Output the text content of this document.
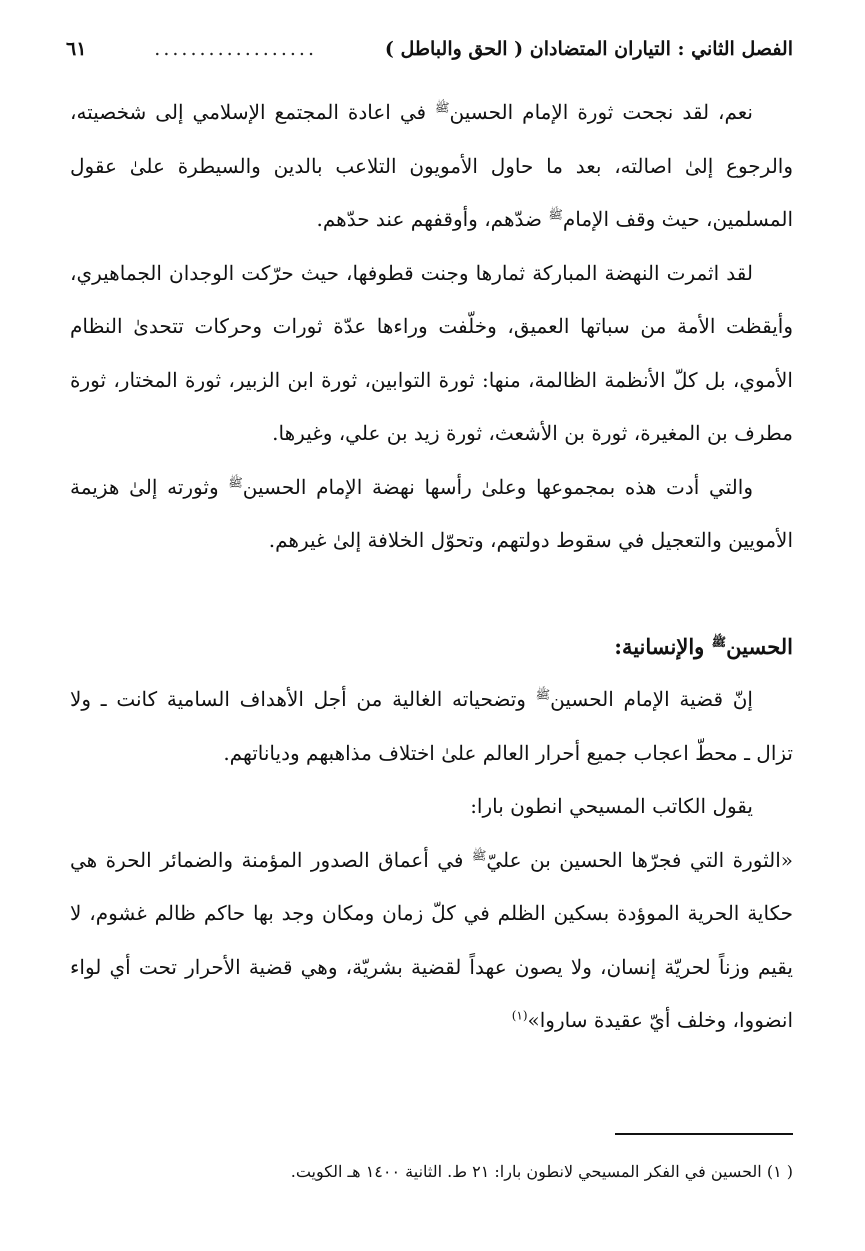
الفصل الثاني : التياران المتضادان ( الحق والباطل )
..................
٦١

نعم، لقد نجحت ثورة الإمام الحسين$^ﷺ$ في اعادة المجتمع الإسلامي إلى شخصيته، والرجوع إلىٰ اصالته، بعد ما حاول الأمويون التلاعب بالدين والسيطرة علىٰ عقول المسلمين، حيث وقف الإمام$^ﷺ$ ضدّهم، وأوقفهم عند حدّهم.

لقد اثمرت النهضة المباركة ثمارها وجنت قطوفها، حيث حرّكت الوجدان الجماهيري، وأيقظت الأمة من سباتها العميق، وخلّفت وراءها عدّة ثورات وحركات تتحدىٰ النظام الأموي، بل كلّ الأنظمة الظالمة، منها: ثورة التوابين، ثورة ابن الزبير، ثورة المختار، ثورة مطرف بن المغيرة، ثورة بن الأشعث، ثورة زيد بن علي، وغيرها.

والتي أدت هذه بمجموعها وعلىٰ رأسها نهضة الإمام الحسين$^ﷺ$ وثورته إلىٰ هزيمة الأمويين والتعجيل في سقوط دولتهم، وتحوّل الخلافة إلىٰ غيرهم.

الحسين$^ﷺ$ والإنسانية:

إنّ قضية الإمام الحسين$^ﷺ$ وتضحياته الغالية من أجل الأهداف السامية كانت ـ ولا تزال ـ محطّ اعجاب جميع أحرار العالم علىٰ اختلاف مذاهبهم ودياناتهم.

يقول الكاتب المسيحي انطون بارا:

«الثورة التي فجرّها الحسين بن عليّ$^ﷺ$ في أعماق الصدور المؤمنة والضمائر الحرة هي حكاية الحرية الموؤدة بسكين الظلم في كلّ زمان ومكان وجد بها حاكم ظالم غشوم، لا يقيم وزناً لحريّة إنسان، ولا يصون عهداً لقضية بشريّة، وهي قضية الأحرار تحت أي لواء انضووا، وخلف أيّ عقيدة ساروا»$^{(١)}$

( ١) الحسين في الفكر المسيحي لانطون بارا: ٢١ ط. الثانية ١٤٠٠ هـ الكويت.
